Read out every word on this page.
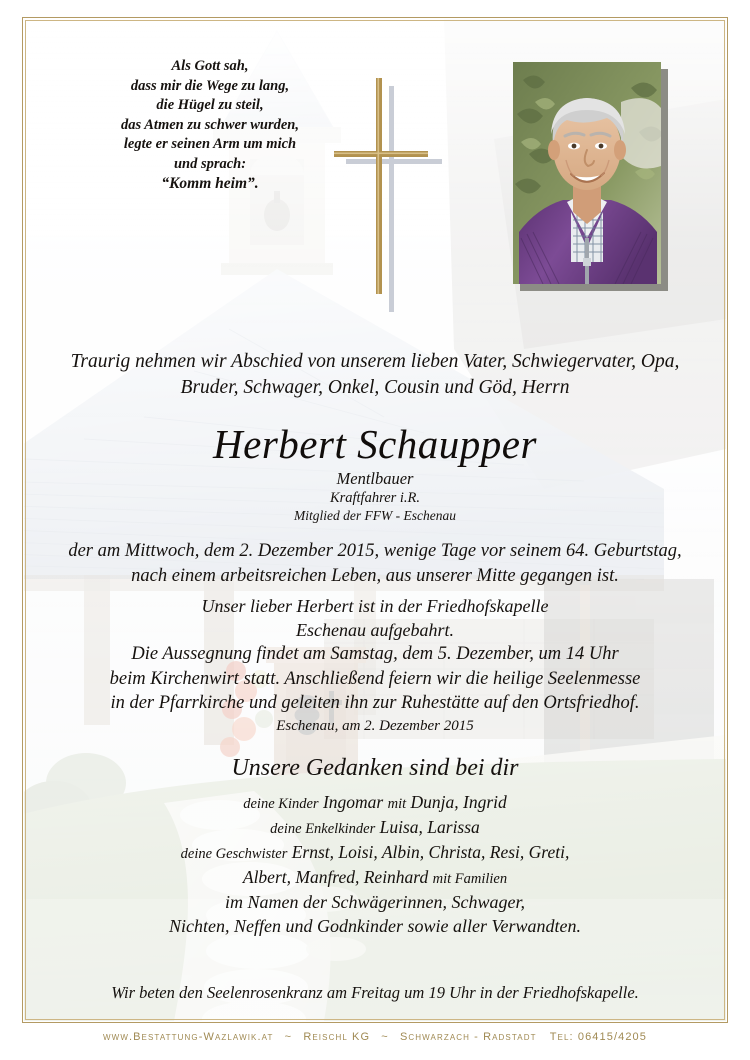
Als Gott sah,
dass mir die Wege zu lang,
die Hügel zu steil,
das Atmen zu schwer wurden,
legte er seinen Arm um mich
und sprach:
“Komm heim”.
Traurig nehmen wir Abschied von unserem lieben Vater, Schwiegervater, Opa,
Bruder, Schwager, Onkel, Cousin und Göd, Herrn
Herbert Schaupper
Mentlbauer
Kraftfahrer i.R.
Mitglied der FFW - Eschenau
der am Mittwoch, dem 2. Dezember 2015, wenige Tage vor seinem 64. Geburtstag,
nach einem arbeitsreichen Leben, aus unserer Mitte gegangen ist.
Unser lieber Herbert ist in der Friedhofskapelle
Eschenau aufgebahrt.
Die Aussegnung findet am Samstag, dem 5. Dezember, um 14 Uhr
beim Kirchenwirt statt. Anschließend feiern wir die heilige Seelenmesse
in der Pfarrkirche und geleiten ihn zur Ruhestätte auf den Ortsfriedhof.
Eschenau, am 2. Dezember 2015
Unsere Gedanken sind bei dir
deine Kinder Ingomar mit Dunja, Ingrid
deine Enkelkinder Luisa, Larissa
deine Geschwister Ernst, Loisi, Albin, Christa, Resi, Greti,
Albert, Manfred, Reinhard mit Familien
im Namen der Schwägerinnen, Schwager,
Nichten, Neffen und Godnkinder sowie aller Verwandten.
Wir beten den Seelenrosenkranz am Freitag um 19 Uhr in der Friedhofskapelle.
www.Bestattung-Wazlawik.at ~ Reischl KG ~ Schwarzach - Radstadt Tel: 06415/4205
